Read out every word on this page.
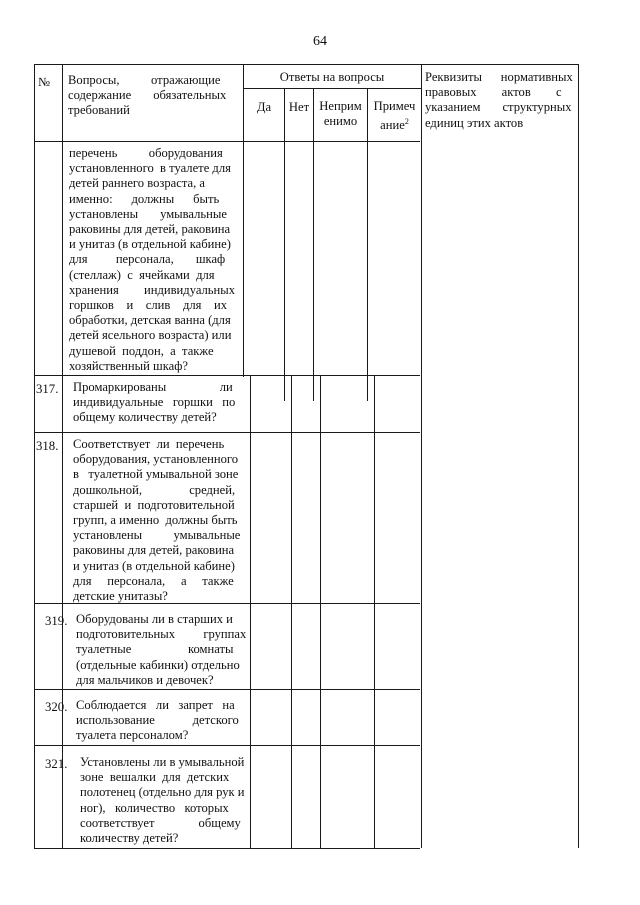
64
№ Вопросы,          отражающие
содержание       обязательных
требований
Ответы на вопросы
Да	Нет Неприм
енимо
Примеч
ание$^2$
Реквизиты      нормативных
правовых        актов        с
указанием       структурных
единиц этих актов
перечень          оборудования
установленного  в туалете для
детей раннего возраста, а
именно:      должны      быть
установлены       умывальные
раковины для детей, раковина
и унитаз (в отдельной кабине)
для         персонала,       шкаф
(стеллаж)  с  ячейками  для
хранения        индивидуальных
горшков    и    слив    для    их
обработки, детская ванна (для
детей ясельного возраста) или
душевой  поддон,  а  также
хозяйственный шкаф?
317. Промаркированы                 ли
индивидуальные   горшки   по
общему количеству детей?
318. Соответствует  ли  перечень
оборудования, установленного
в   туалетной умывальной зоне
дошкольной,               средней,
старшей  и  подготовительной
групп, а именно  должны быть
установлены          умывальные
раковины для детей, раковина
и унитаз (в отдельной кабине)
для     персонала,     а     также
детские унитазы?
319. Оборудованы ли в старших и
подготовительных         группах
туалетные                  комнаты
(отдельные кабинки) отдельно
для мальчиков и девочек?
320. Соблюдается   ли   запрет   на
использование            детского
туалета персоналом?
321. Установлены ли в умывальной
зоне  вешалки  для  детских
полотенец (отдельно для рук и
ног),   количество   которых
соответствует              общему
количеству детей?
